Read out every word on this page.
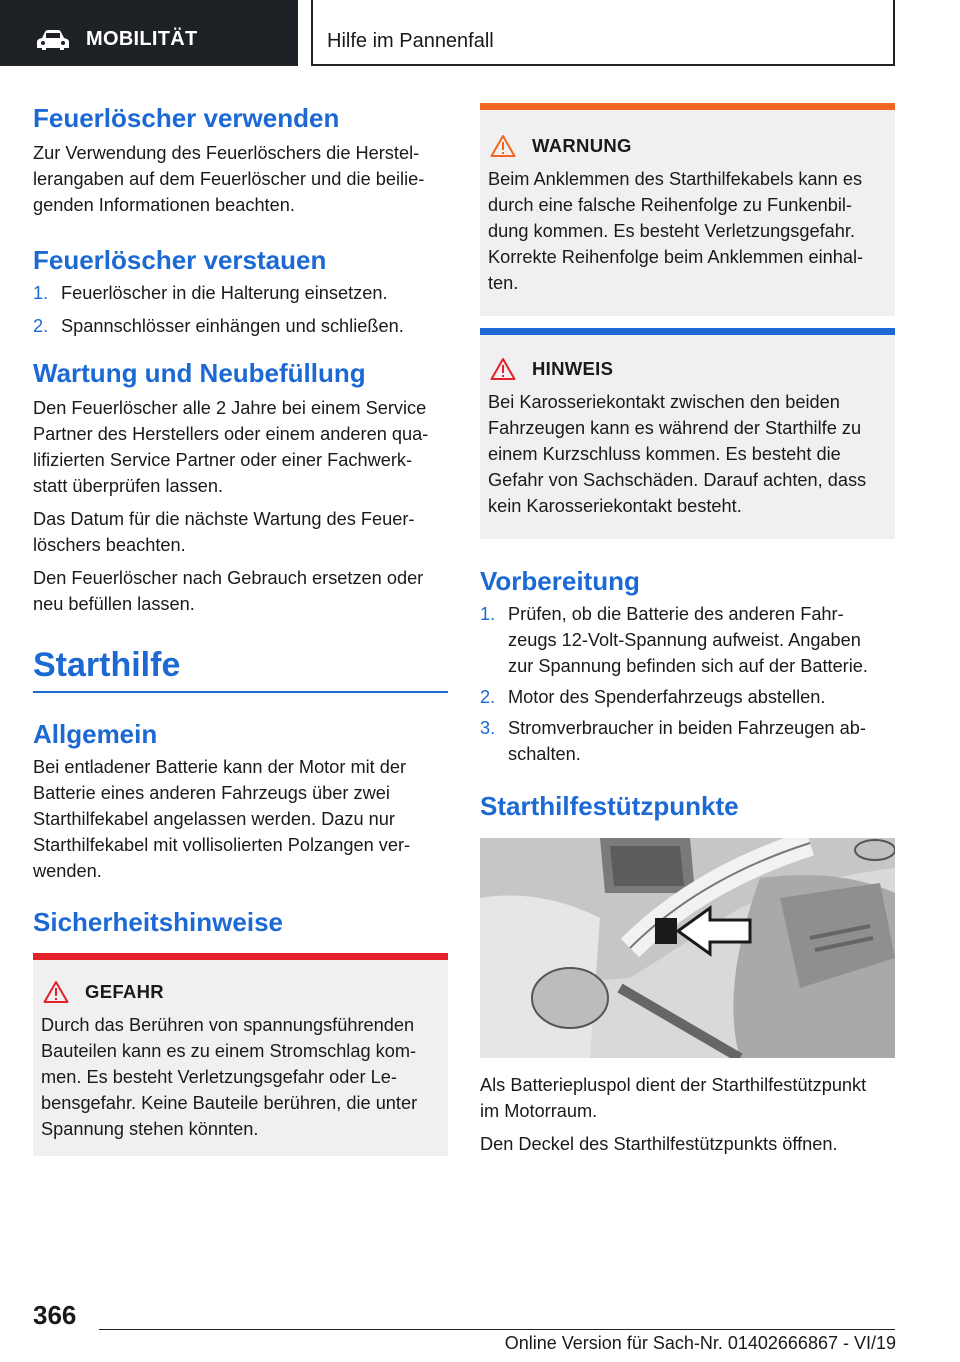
MOBILITÄT	Hilfe im Pannenfall
Feuerlöscher verwenden

Zur Verwendung des Feuerlöschers die Herstel-
lerangaben auf dem Feuerlöscher und die beilie-
genden Informationen beachten.

Feuerlöscher verstauen
1. Feuerlöscher in die Halterung einsetzen.
2. Spannschlösser einhängen und schließen.
Wartung und Neubefüllung

Den Feuerlöscher alle 2 Jahre bei einem Service
Partner des Herstellers oder einem anderen qua-
lifizierten Service Partner oder einer Fachwerk-
statt überprüfen lassen.

Das Datum für die nächste Wartung des Feuer-
löschers beachten.

Den Feuerlöscher nach Gebrauch ersetzen oder
neu befüllen lassen.

Starthilfe
Allgemein

Bei entladener Batterie kann der Motor mit der
Batterie eines anderen Fahrzeugs über zwei
Starthilfekabel angelassen werden. Dazu nur
Starthilfekabel mit vollisolierten Polzangen ver-
wenden.

Sicherheitshinweise
GEFAHR

Durch das Berühren von spannungsführenden
Bauteilen kann es zu einem Stromschlag kom-
men. Es besteht Verletzungsgefahr oder Le-
bensgefahr. Keine Bauteile berühren, die unter
Spannung stehen könnten.

WARNUNG

Beim Anklemmen des Starthilfekabels kann es
durch eine falsche Reihenfolge zu Funkenbil-
dung kommen. Es besteht Verletzungsgefahr.
Korrekte Reihenfolge beim Anklemmen einhal-
ten.

HINWEIS

Bei Karosseriekontakt zwischen den beiden
Fahrzeugen kann es während der Starthilfe zu
einem Kurzschluss kommen. Es besteht die
Gefahr von Sachschäden. Darauf achten, dass
kein Karosseriekontakt besteht.

Vorbereitung
1. Prüfen, ob die Batterie des anderen Fahr-
zeugs 12-Volt-Spannung aufweist. Angaben
zur Spannung befinden sich auf der Batterie.
2. Motor des Spenderfahrzeugs abstellen.
3. Stromverbraucher in beiden Fahrzeugen ab-
schalten.
Starthilfestützpunkte

Als Batteriepluspol dient der Starthilfestützpunkt
im Motorraum.

Den Deckel des Starthilfestützpunkts öffnen.

366
Online Version für Sach-Nr. 01402666867 - VI/19
